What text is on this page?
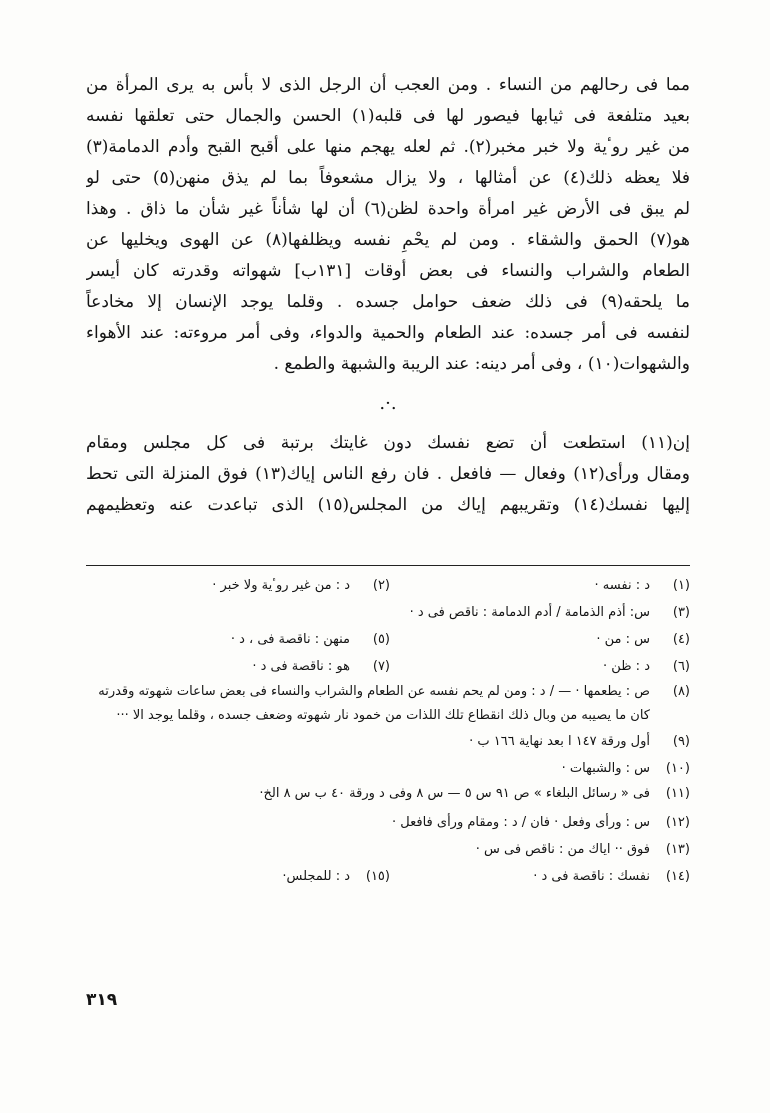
مما فى رحالهم من النساء . ومن العجب أن الرجل الذى لا بأس به يرى المرأة من
بعيد متلفعة فى ثيابها فيصور لها فى قلبه(١) الحسن والجمال حتى تعلقها نفسه
من غير روٴية ولا خبر مخبر(٢). ثم لعله يهجم منها على أقبح القبح وأدم الدمامة(٣)
فلا يعظه ذلك(٤) عن أمثالها ، ولا يزال مشعوفاً بما لم يذق منهن(٥) حتى لو
لم يبق فى الأرض غير امرأة واحدة لظن(٦) أن لها شأناً غير شأن ما ذاق . وهذا
هو(٧) الحمق والشقاء . ومن لم يحْمِ نفسه ويظلفها(٨) عن الهوى ويخليها عن
الطعام والشراب والنساء فى بعض أوقات [١٣١ب] شهواته وقدرته كان أيسر
ما يلحقه(٩) فى ذلك ضعف حوامل جسده . وقلما يوجد الإنسان إلا مخادعاً
لنفسه فى أمر جسده: عند الطعام والحمية والدواء، وفى أمر مروءته: عند الأهواء
والشهوات(١٠) ، وفى أمر دينه: عند الريبة والشبهة والطمع .
.·.
إن(١١) استطعت أن تضع نفسك دون غايتك برتبة فى كل مجلس ومقام
ومقال ورأى(١٢) وفعال — فافعل . فان رفع الناس إياك(١٣) فوق المنزلة التى تحط
إليها نفسك(١٤) وتقريبهم إياك من المجلس(١٥) الذى تباعدت عنه وتعظيمهم
(١)
د : نفسه ·
(٢)
د : من غير روٴية ولا خبر ·
(٣)
س: أذم الذمامة / أدم الدمامة : ناقص فى د ·
(٤)
س : من ·
(٥)
منهن : ناقصة فى ، د ·
(٦)
د : ظن ·
(٧)
هو : ناقصة فى د ·
(٨)
ص : يطعمها · — / د : ومن لم يحم نفسه عن الطعام والشراب والنساء فى بعض ساعات شهوته وقدرته كان ما يصيبه من وبال ذلك انقطاع تلك اللذات من خمود نار شهوته وضعف جسده ، وقلما يوجد الا ···
(٩)
أول ورقة ١٤٧ ا بعد نهاية ١٦٦ ب ·
(١٠)
س : والشبهات ·
(١١)
فى « رسائل البلغاء » ص ٩١ س ٥ — س ٨ وفى د ورقة ٤٠ ب س ٨ الخ·
(١٢)
س : ورأى وفعل · فان / د : ومقام ورأى فافعل ·
(١٣)
فوق ·· اياك من : ناقص فى س ·
(١٤)
نفسك : ناقصة فى د ·
(١٥)
د : للمجلس·
٣١٩
